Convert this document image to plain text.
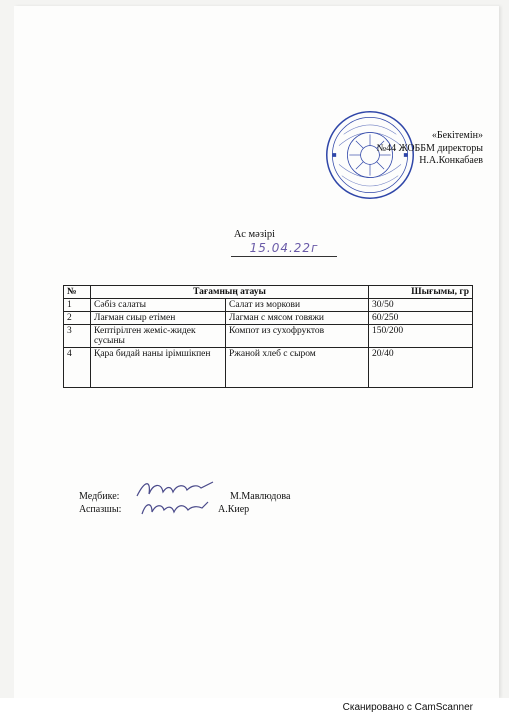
«Бекітемін»
№44 ЖОББМ директоры
Н.А.Конкабаев
Ас мәзірі
15.04.22г
№	Тағамның атауы		Шығымы, гр
1	Сәбіз салаты	Салат из моркови	30/50
2	Лағман сиыр етімен	Лагман с мясом говяжи	60/250
3	Кептірілген жеміс-жидек сусыны	Компот из сухофруктов	150/200
4	Қара бидай наны ірімшікпен	Ржаной хлеб с сыром	20/40
Медбике:	М.Мавлюдова
Аспазшы:	А.Киер
Сканировано с CamScanner
